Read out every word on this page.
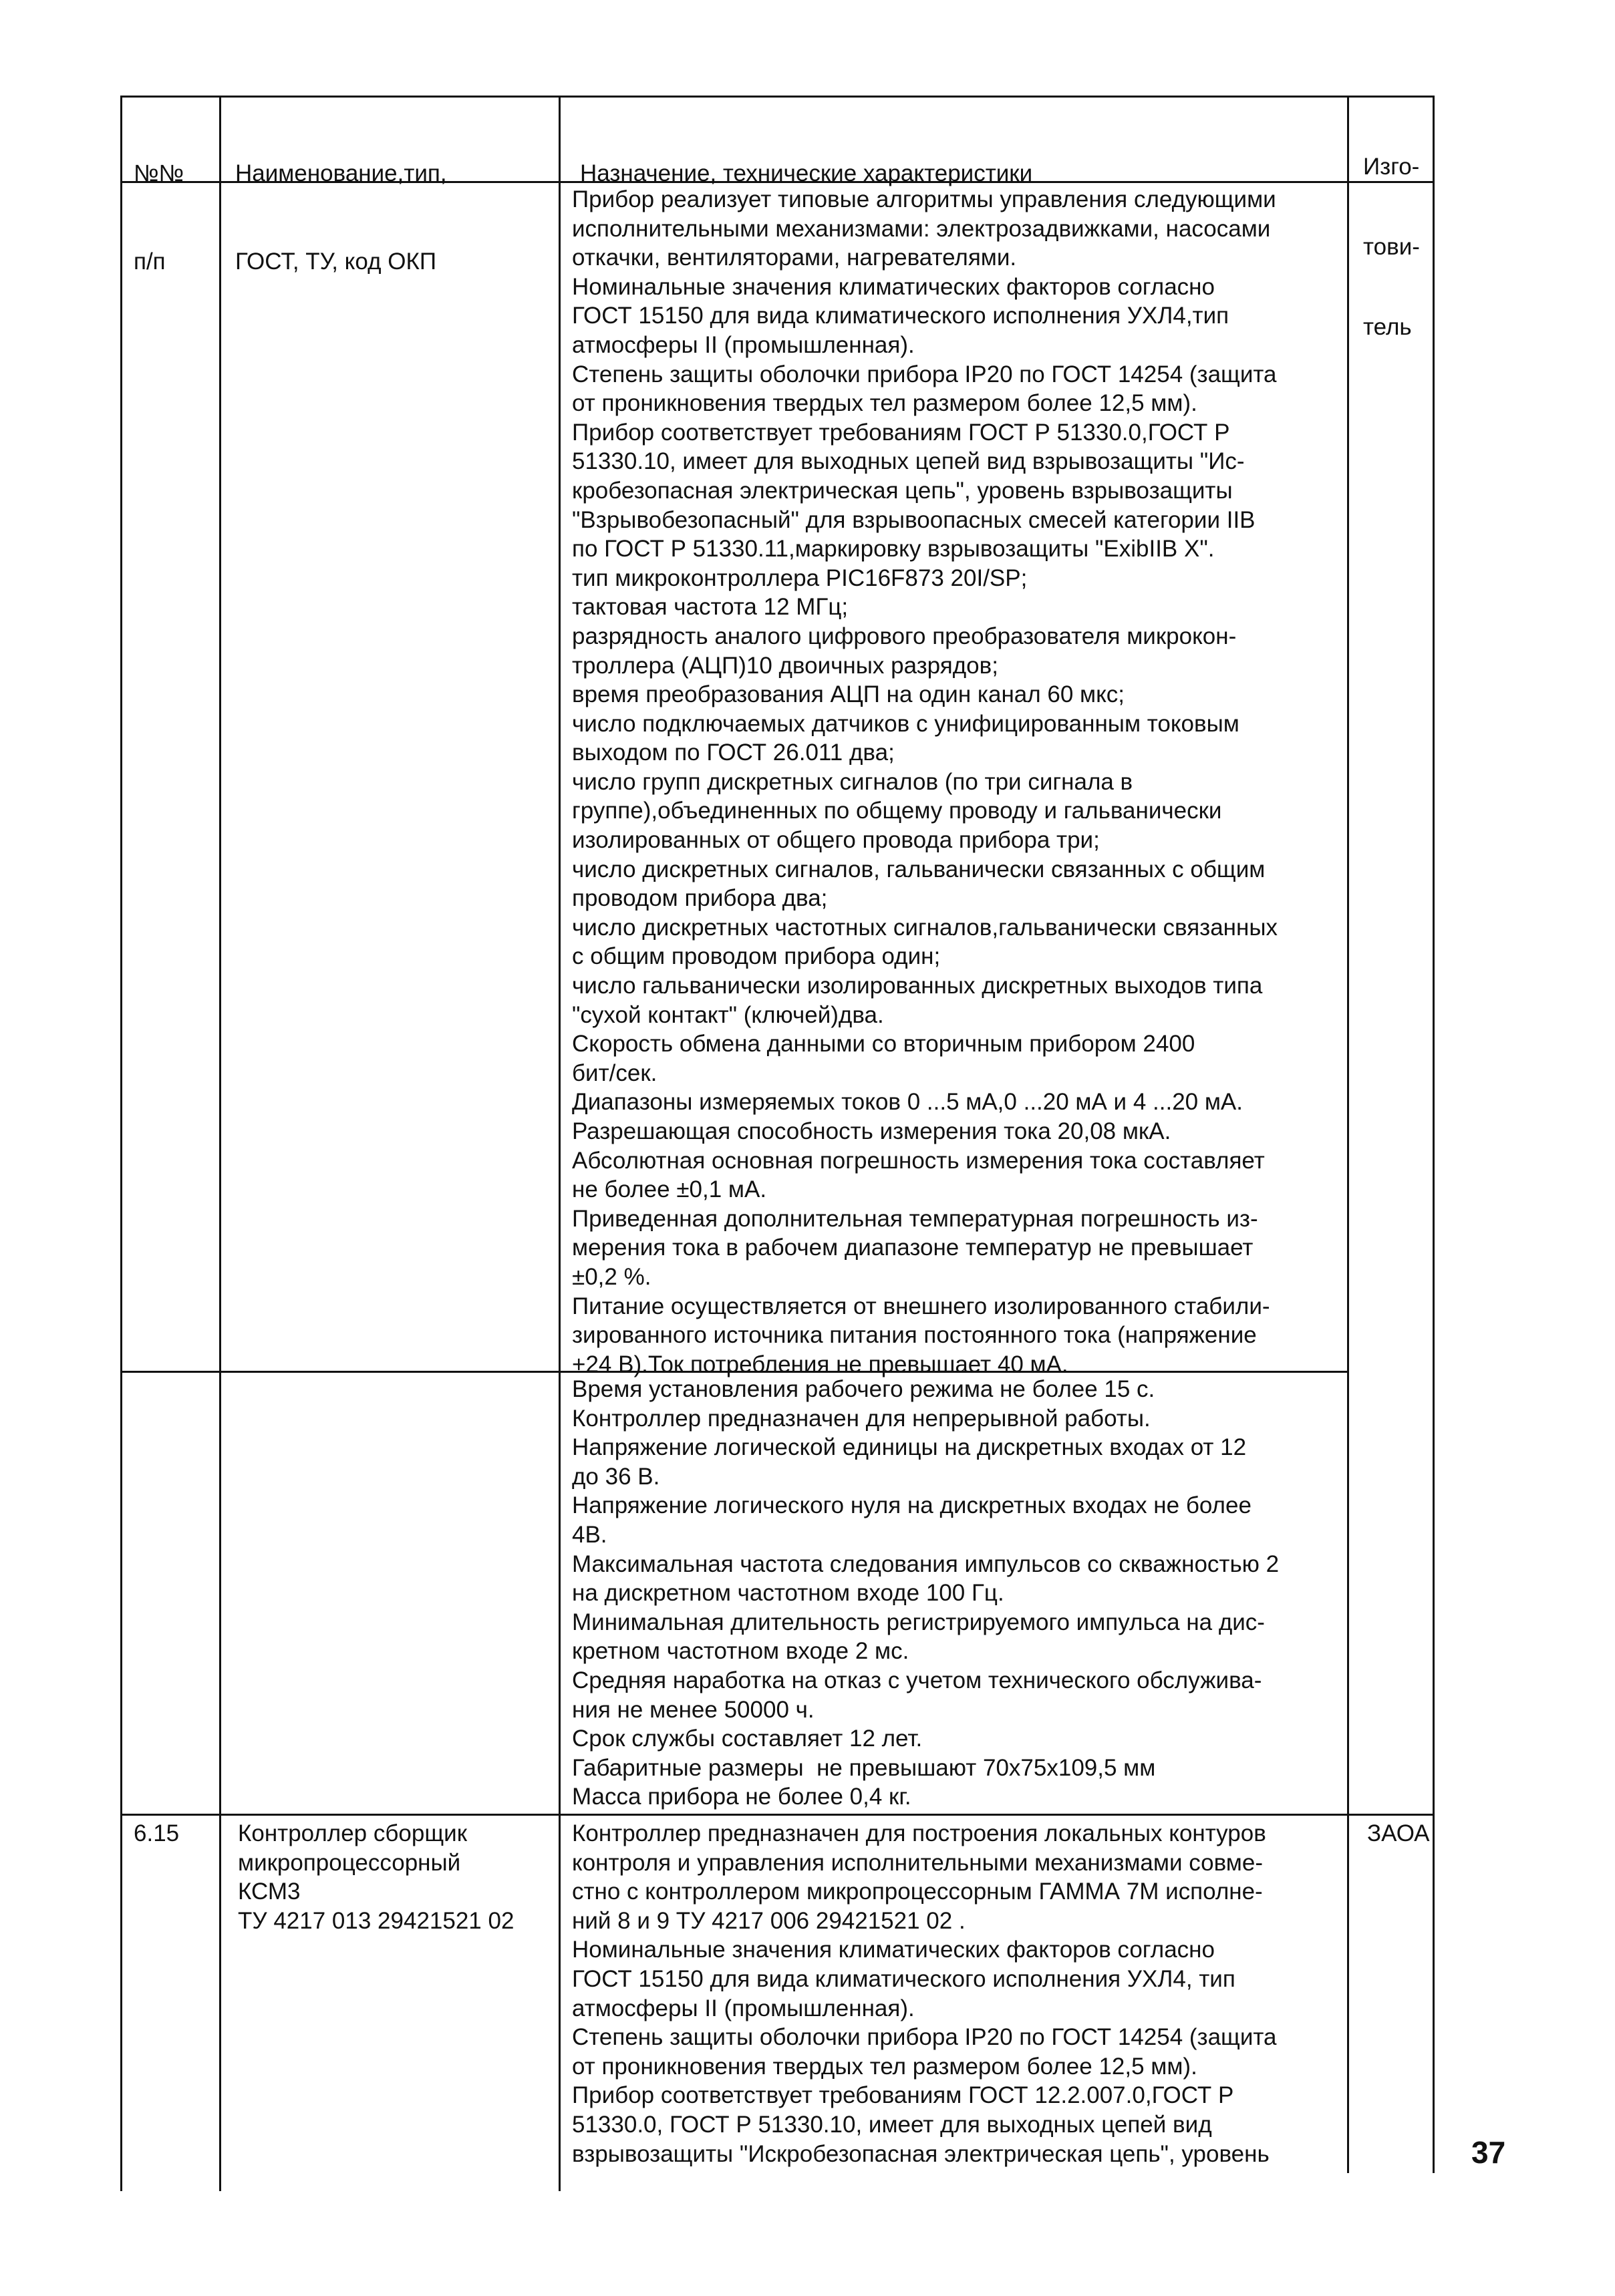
№№

п/п

Наименование,тип,

ГОСТ, ТУ, код ОКП

Назначение, технические характеристики

	Изго-

тови-

тель

Прибор реализует типовые алгоритмы управления следующими
исполнительными механизмами: электрозадвижками, насосами
откачки, вентиляторами, нагревателями.
Номинальные значения климатических факторов согласно
ГОСТ 15150 для вида климатического исполнения УХЛ4,тип
атмосферы II (промышленная).
Степень защиты оболочки прибора IP20 по ГОСТ 14254 (защита
от проникновения твердых тел размером более 12,5 мм).
Прибор соответствует требованиям ГОСТ Р 51330.0,ГОСТ Р
51330.10, имеет для выходных цепей вид взрывозащиты "Ис-
кробезопасная электрическая цепь", уровень взрывозащиты
"Взрывобезопасный" для взрывоопасных смесей категории IIB
по ГОСТ Р 51330.11,маркировку взрывозащиты "ExibIIB X".
тип микроконтроллера PIC16F873 20I/SP;
тактовая частота 12 МГц;
разрядность аналого цифрового преобразователя микрокон-
троллера (АЦП)10 двоичных разрядов;
время преобразования АЦП на один канал 60 мкс;
число подключаемых датчиков с унифицированным токовым
выходом по ГОСТ 26.011 два;
число групп дискретных сигналов (по три сигнала в
группе),объединенных по общему проводу и гальванически
изолированных от общего провода прибора три;
число дискретных сигналов, гальванически связанных с общим
проводом прибора два;
число дискретных частотных сигналов,гальванически связанных
с общим проводом прибора один;
число гальванически изолированных дискретных выходов типа
"сухой контакт" (ключей)два.
Скорость обмена данными со вторичным прибором 2400
бит/сек.
Диапазоны измеряемых токов 0 ...5 мА,0 ...20 мА и 4 ...20 мА.
Разрешающая способность измерения тока 20,08 мкА.
Абсолютная основная погрешность измерения тока составляет
не более ±0,1 мА.
Приведенная дополнительная температурная погрешность из-
мерения тока в рабочем диапазоне температур не превышает
±0,2 %.
Питание осуществляется от внешнего изолированного стабили-
зированного источника питания постоянного тока (напряжение
+24 В).Ток потребления не превышает 40 мА.
Время установления рабочего режима не более 15 с.
Контроллер предназначен для непрерывной работы.
Напряжение логической единицы на дискретных входах от 12
до 36 В.
Напряжение логического нуля на дискретных входах не более
4В.
Максимальная частота следования импульсов со скважностью 2
на дискретном частотном входе 100 Гц.
Минимальная длительность регистрируемого импульса на дис-
кретном частотном входе 2 мс.
Средняя наработка на отказ с учетом технического обслужива-
ния не менее 50000 ч.
Срок службы составляет 12 лет.
Габаритные размеры  не превышают 70х75х109,5 мм
Масса прибора не более 0,4 кг.
6.15	Контроллер сборщик
микропроцессорный
КСМ3
ТУ 4217 013 29421521 02
Контроллер предназначен для построения локальных контуров
контроля и управления исполнительными механизмами совме-
стно с контроллером микропроцессорным ГАММА 7М исполне-
ний 8 и 9 ТУ 4217 006 29421521 02 .
Номинальные значения климатических факторов согласно
ГОСТ 15150 для вида климатического исполнения УХЛ4, тип
атмосферы II (промышленная).
Степень защиты оболочки прибора IP20 по ГОСТ 14254 (защита
от проникновения твердых тел размером более 12,5 мм).
Прибор соответствует требованиям ГОСТ 12.2.007.0,ГОСТ Р
51330.0, ГОСТ Р 51330.10, имеет для выходных цепей вид
взрывозащиты "Искробезопасная электрическая цепь", уровень
ЗАОА
37
